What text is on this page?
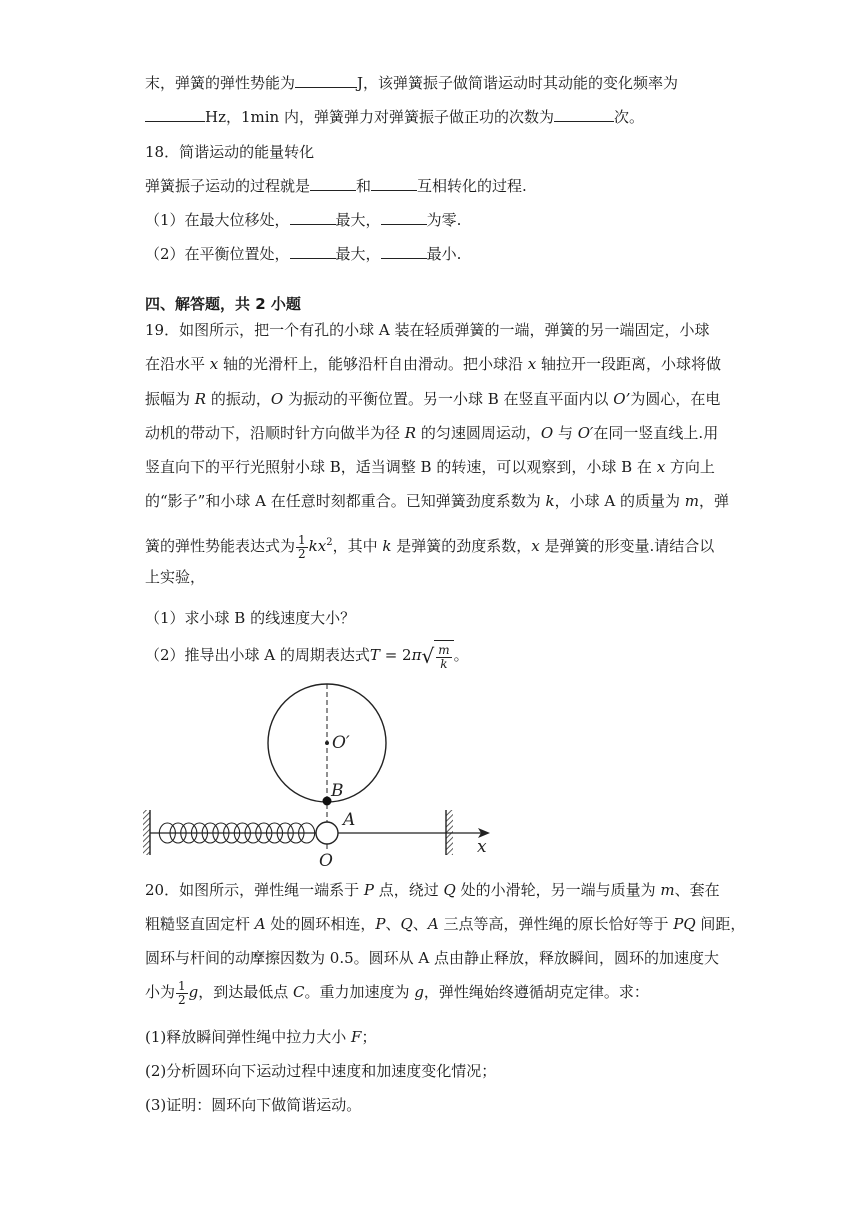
末，弹簧的弹性势能为	J，该弹簧振子做简谐运动时其动能的变化频率为
Hz，1min 内，弹簧弹力对弹簧振子做正功的次数为	次。
18．简谐运动的能量转化
弹簧振子运动的过程就是	和	互相转化的过程.
（1）在最大位移处，	最大，	为零.
（2）在平衡位置处，	最大，	最小.
四、解答题，共 2 小题
19．如图所示，把一个有孔的小球 A 装在轻质弹簧的一端，弹簧的另一端固定，小球
在沿水平 x 轴的光滑杆上，能够沿杆自由滑动。把小球沿 x 轴拉开一段距离，小球将做
振幅为 R 的振动，O 为振动的平衡位置。另一小球 B 在竖直平面内以 O’为圆心，在电
动机的带动下，沿顺时针方向做半为径 R 的匀速圆周运动，O 与 O′在同一竖直线上.用
竖直向下的平行光照射小球 B，适当调整 B 的转速，可以观察到，小球 B 在 x 方向上
的“影子”和小球 A 在任意时刻都重合。已知弹簧劲度系数为 k，小球 A 的质量为 m，弹
簧的弹性势能表达式为 $\frac{1}{2} kx^2$，其中 k 是弹簧的劲度系数，x 是弹簧的形变量.请结合以
上实验，
（1）求小球 B 的线速度大小？
（2）推导出小球 A 的周期表达式$T = 2\pi√ \frac{m}{k}$ 。
O′
B
A
O
x
20．如图所示，弹性绳一端系于 P 点，绕过 Q 处的小滑轮，另一端与质量为 m、套在
粗糙竖直固定杆 A 处的圆环相连，P、Q、A 三点等高，弹性绳的原长恰好等于 PQ 间距，
圆环与杆间的动摩擦因数为 0.5。圆环从 A 点由静止释放，释放瞬间，圆环的加速度大
小为 $\frac{1}{2}$ g，到达最低点 C。重力加速度为 g，弹性绳始终遵循胡克定律。求：
(1)释放瞬间弹性绳中拉力大小 F；
(2)分析圆环向下运动过程中速度和加速度变化情况；
(3)证明：圆环向下做简谐运动。
